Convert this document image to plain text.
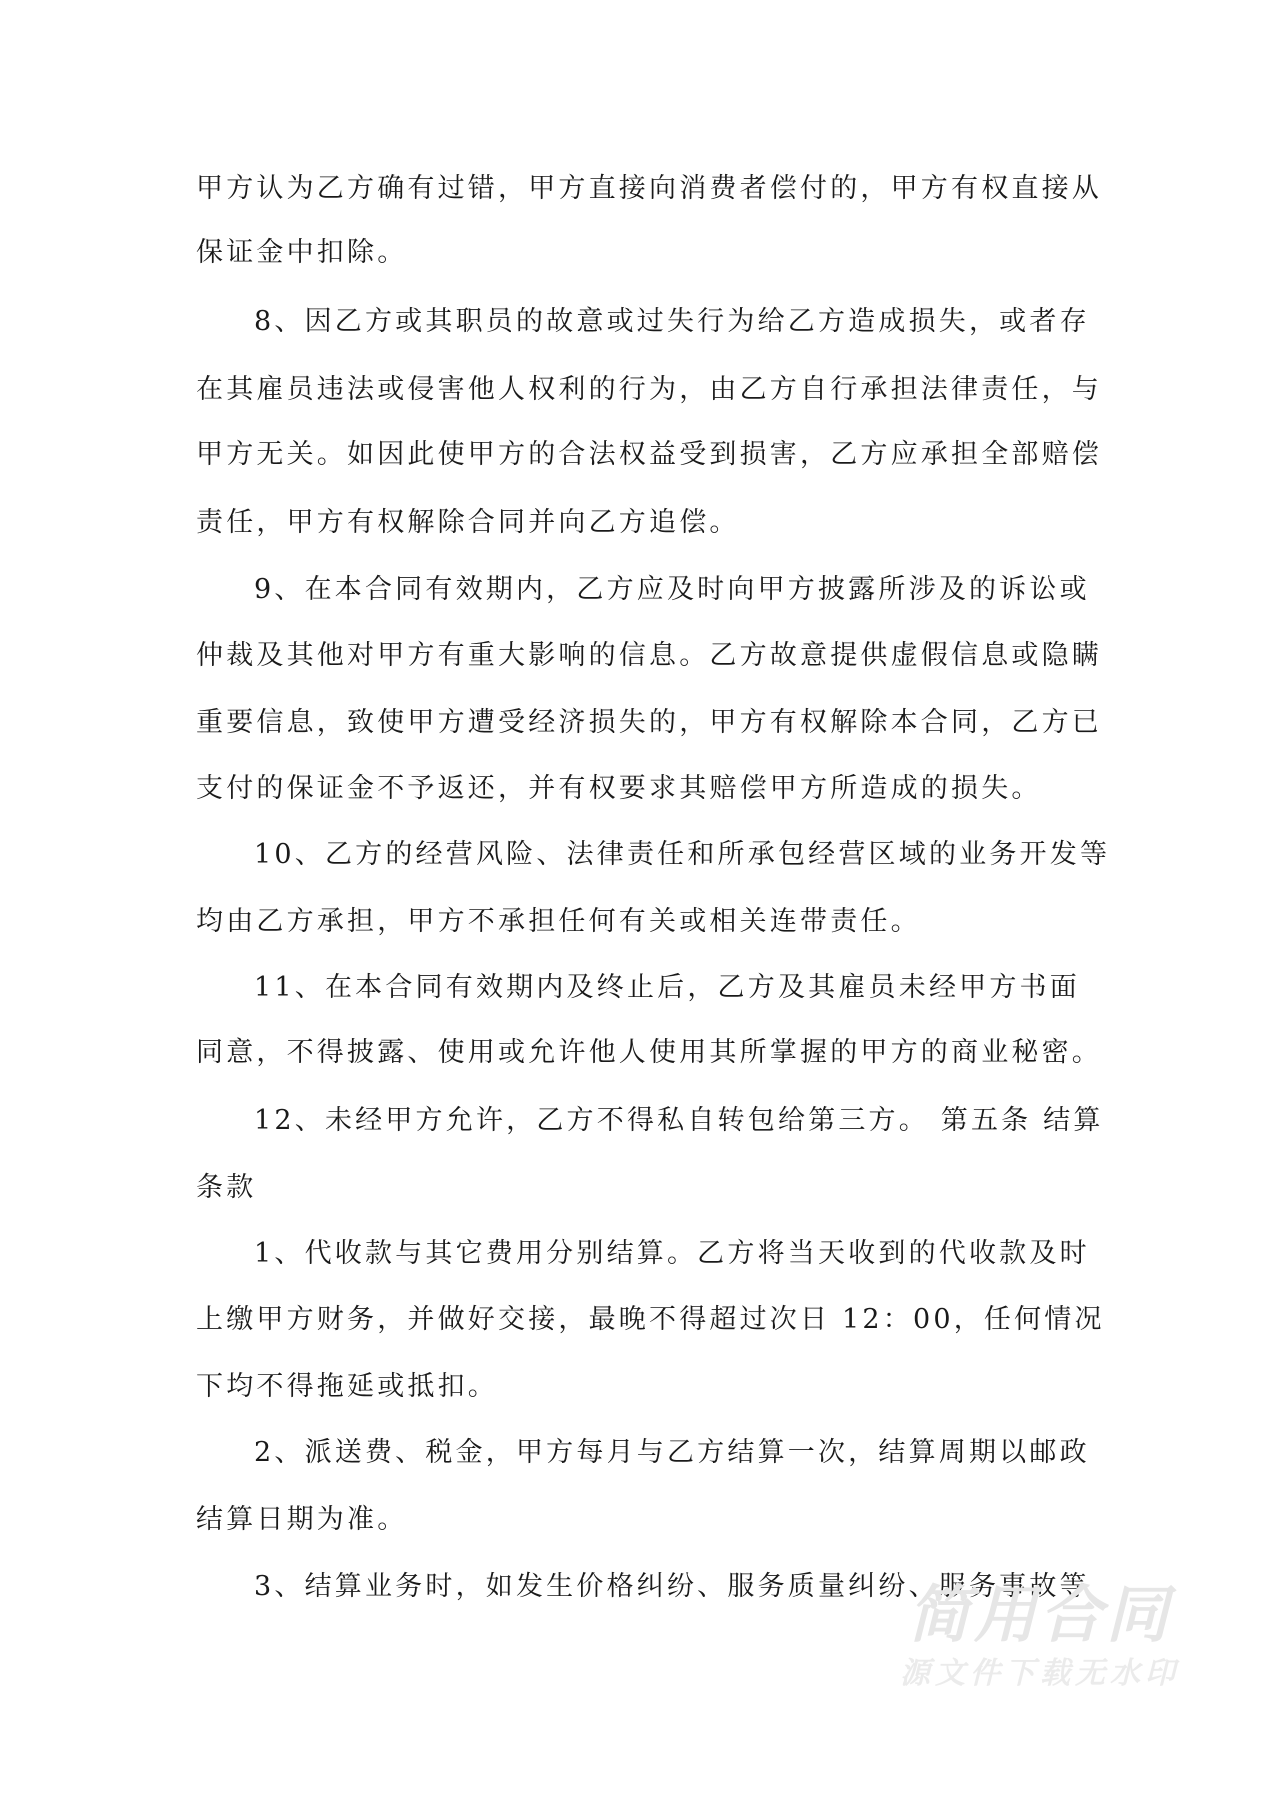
甲方认为乙方确有过错，甲方直接向消费者偿付的，甲方有权直接从
保证金中扣除。
8、因乙方或其职员的故意或过失行为给乙方造成损失，或者存
在其雇员违法或侵害他人权利的行为，由乙方自行承担法律责任，与
甲方无关。如因此使甲方的合法权益受到损害，乙方应承担全部赔偿
责任，甲方有权解除合同并向乙方追偿。
9、在本合同有效期内，乙方应及时向甲方披露所涉及的诉讼或
仲裁及其他对甲方有重大影响的信息。乙方故意提供虚假信息或隐瞒
重要信息，致使甲方遭受经济损失的，甲方有权解除本合同，乙方已
支付的保证金不予返还，并有权要求其赔偿甲方所造成的损失。
10、乙方的经营风险、法律责任和所承包经营区域的业务开发等
均由乙方承担，甲方不承担任何有关或相关连带责任。
11、在本合同有效期内及终止后，乙方及其雇员未经甲方书面
同意，不得披露、使用或允许他人使用其所掌握的甲方的商业秘密。
12、未经甲方允许，乙方不得私自转包给第三方。 第五条 结算
条款
1、代收款与其它费用分别结算。乙方将当天收到的代收款及时
上缴甲方财务，并做好交接，最晚不得超过次日 12：00，任何情况
下均不得拖延或抵扣。
2、派送费、税金，甲方每月与乙方结算一次，结算周期以邮政
结算日期为准。
3、结算业务时，如发生价格纠纷、服务质量纠纷、服务事故等
简用合同
源文件下载无水印
